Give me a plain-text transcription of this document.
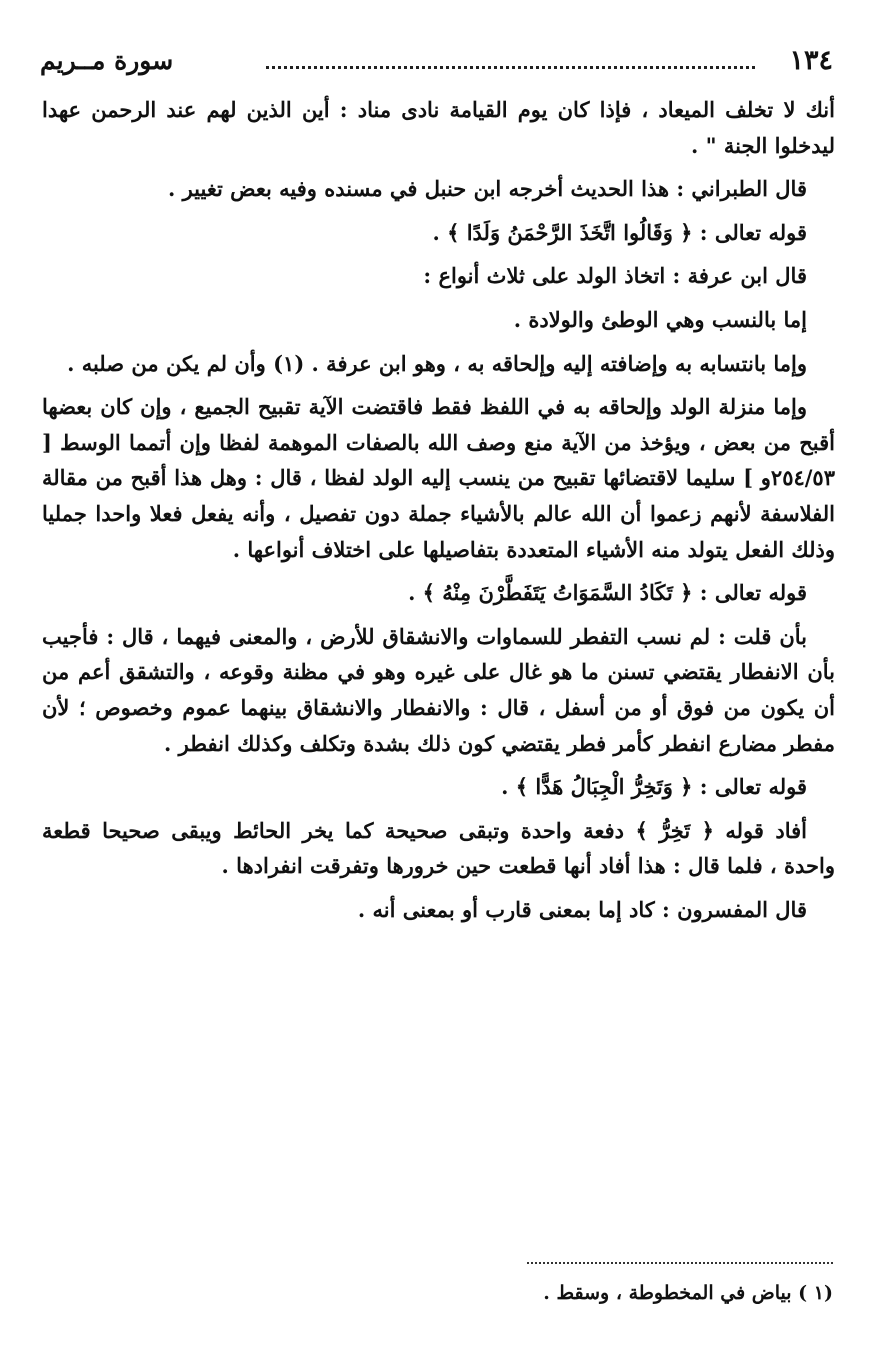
١٣٤
سورة مــريم

أنك لا تخلف الميعاد ، فإذا كان يوم القيامة نادى مناد : أين الذين لهم عند الرحمن عهدا ليدخلوا الجنة " .

قال الطبراني : هذا الحديث أخرجه ابن حنبل في مسنده وفيه بعض تغيير .

قوله تعالى : ﴿ وَقَالُوا اتَّخَذَ الرَّحْمَنُ وَلَدًا ﴾ .

قال ابن عرفة : اتخاذ الولد على ثلاث أنواع :

إما بالنسب وهي الوطئ والولادة .

وإما بانتسابه به وإضافته إليه وإلحاقه به ، وهو ابن عرفة . (١) وأن لم يكن من صلبه .

وإما منزلة الولد وإلحاقه به في اللفظ فقط فاقتضت الآية تقبيح الجميع ، وإن كان بعضها أقبح من بعض ، ويؤخذ من الآية منع وصف الله بالصفات الموهمة لفظا وإن أتمما الوسط [ ٢٥٤/٥٣و ] سليما لاقتضائها تقبيح من ينسب إليه الولد لفظا ، قال : وهل هذا أقبح من مقالة الفلاسفة لأنهم زعموا أن الله عالم بالأشياء جملة دون تفصيل ، وأنه يفعل فعلا واحدا جمليا وذلك الفعل يتولد منه الأشياء المتعددة بتفاصيلها على اختلاف أنواعها .

قوله تعالى : ﴿ تَكَادُ السَّمَوَاتُ يَتَفَطَّرْنَ مِنْهُ ﴾ .

بأن قلت : لم نسب التفطر للسماوات والانشقاق للأرض ، والمعنى فيهما ، قال : فأجيب بأن الانفطار يقتضي تسنن ما هو غال على غيره وهو في مظنة وقوعه ، والتشقق أعم من أن يكون من فوق أو من أسفل ، قال : والانفطار والانشقاق بينهما عموم وخصوص ؛ لأن مفطر مضارع انفطر كأمر فطر يقتضي كون ذلك بشدة وتكلف وكذلك انفطر .

قوله تعالى : ﴿ وَتَخِرُّ الْجِبَالُ هَدًّا ﴾ .

أفاد قوله ﴿ تَخِرُّ ﴾ دفعة واحدة وتبقى صحيحة كما يخر الحائط ويبقى صحيحا قطعة واحدة ، فلما قال : هذا أفاد أنها قطعت حين خرورها وتفرقت انفرادها .

قال المفسرون : كاد إما بمعنى قارب أو بمعنى أنه .

(١ ) بياض في المخطوطة ، وسقط .
